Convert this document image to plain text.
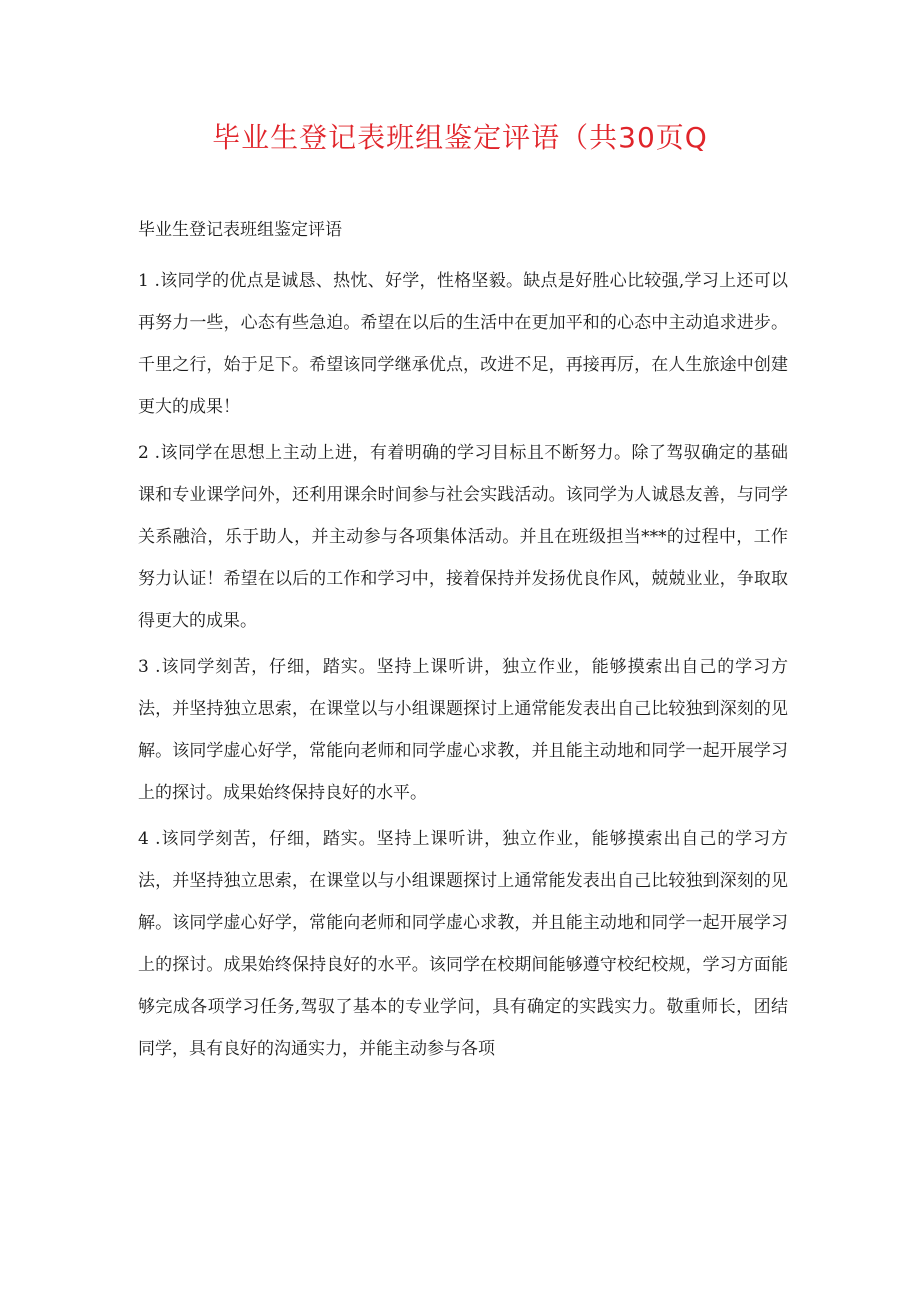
毕业生登记表班组鉴定评语（共30页Q

毕业生登记表班组鉴定评语

1 .该同学的优点是诚恳、热忱、好学，性格坚毅。缺点是好胜心比较强,学习上还可以再努力一些，心态有些急迫。希望在以后的生活中在更加平和的心态中主动追求进步。千里之行，始于足下。希望该同学继承优点，改进不足，再接再厉，在人生旅途中创建更大的成果！

2 .该同学在思想上主动上进，有着明确的学习目标且不断努力。除了驾驭确定的基础课和专业课学问外，还利用课余时间参与社会实践活动。该同学为人诚恳友善，与同学关系融洽，乐于助人，并主动参与各项集体活动。并且在班级担当***的过程中，工作努力认证！希望在以后的工作和学习中，接着保持并发扬优良作风，兢兢业业，争取取得更大的成果。

3 .该同学刻苦，仔细，踏实。坚持上课听讲，独立作业，能够摸索出自己的学习方法，并坚持独立思索，在课堂以与小组课题探讨上通常能发表出自己比较独到深刻的见解。该同学虚心好学，常能向老师和同学虚心求教，并且能主动地和同学一起开展学习上的探讨。成果始终保持良好的水平。

4 .该同学刻苦，仔细，踏实。坚持上课听讲，独立作业，能够摸索出自己的学习方法，并坚持独立思索，在课堂以与小组课题探讨上通常能发表出自己比较独到深刻的见解。该同学虚心好学，常能向老师和同学虚心求教，并且能主动地和同学一起开展学习上的探讨。成果始终保持良好的水平。该同学在校期间能够遵守校纪校规，学习方面能够完成各项学习任务,驾驭了基本的专业学问，具有确定的实践实力。敬重师长，团结同学，具有良好的沟通实力，并能主动参与各项
